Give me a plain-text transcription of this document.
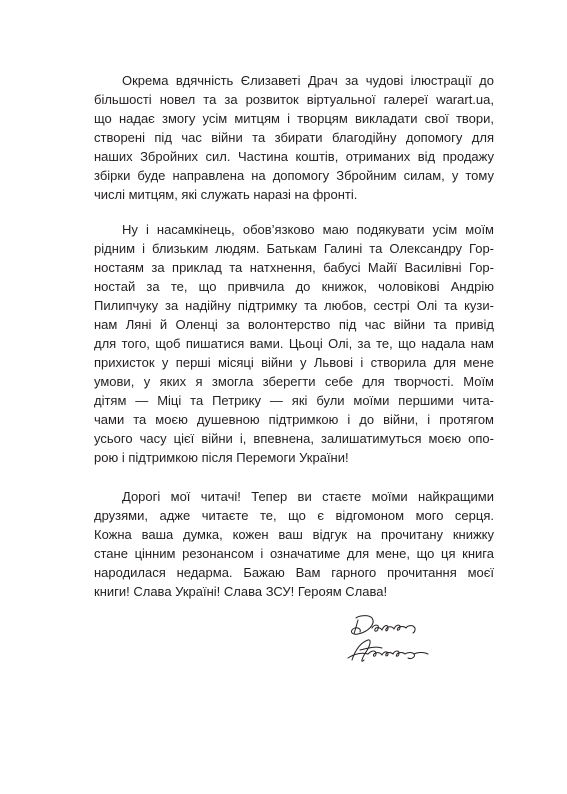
Окрема вдячність Єлизаветі Драч за чудові ілюстрації до
більшості новел та за розвиток віртуальної галереї warart.ua,
що надає змогу усім митцям і творцям викладати свої твори,
створені під час війни та збирати благодійну допомогу для
наших Збройних сил. Частина коштів, отриманих від продажу
збірки буде направлена на допомогу Збройним силам, у тому
числі митцям, які служать наразі на фронті.
Ну і насамкінець, обов’язково маю подякувати усім моїм
рідним і близьким людям. Батькам Галині та Олександру Гор-
ностаям за приклад та натхнення, бабусі Майї Василівні Гор-
ностай за те, що привчила до книжок, чоловікові Андрію
Пилипчуку за надійну підтримку та любов, сестрі Олі та кузи-
нам Ляні й Оленці за волонтерство під час війни та привід
для того, щоб пишатися вами. Цьоці Олі, за те, що надала нам
прихисток у перші місяці війни у Львові і створила для мене
умови, у яких я змогла зберегти себе для творчості. Моїм
дітям — Міці та Петрику — які були моїми першими чита-
чами та моєю душевною підтримкою і до війни, і протягом
усього часу цієї війни і, впевнена, залишатимуться моєю опо-
рою і підтримкою після Перемоги України!
Дорогі мої читачі! Тепер ви стаєте моїми найкращими
друзями, адже читаєте те, що є відгомоном мого серця.
Кожна ваша думка, кожен ваш відгук на прочитану книжку
стане цінним резонансом і означатиме для мене, що ця книга
народилася недарма. Бажаю Вам гарного прочитання моєї
книги! Слава Україні! Слава ЗСУ! Героям Слава!
